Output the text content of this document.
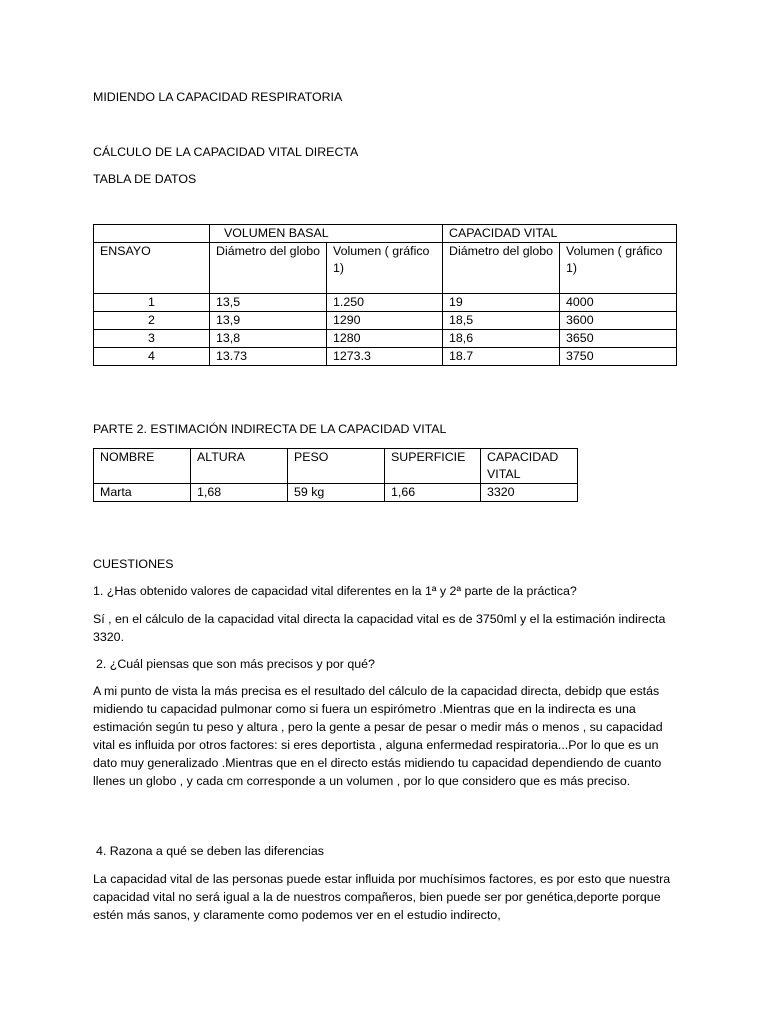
MIDIENDO LA CAPACIDAD RESPIRATORIA

CÁLCULO DE LA CAPACIDAD VITAL DIRECTA

TABLA DE DATOS

	VOLUMEN BASAL		CAPACIDAD VITAL	
ENSAYO	Diámetro del globo	Volumen ( gráfico 1)	Diámetro del globo	Volumen ( gráfico 1)
1	13,5	1.250	19	4000
2	13,9	1290	18,5	3600
3	13,8	1280	18,6	3650
4	13.73	1273.3	18.7	3750

PARTE 2. ESTIMACIÓN INDIRECTA DE LA CAPACIDAD VITAL

NOMBRE	ALTURA	PESO	SUPERFICIE	CAPACIDAD VITAL
Marta	1,68	59 kg	1,66	3320

CUESTIONES

1. ¿Has obtenido valores de capacidad vital diferentes en la 1ª y 2ª parte de la práctica?

Sí , en el cálculo de la capacidad vital directa la capacidad vital es de 3750ml y el la estimación indirecta 3320.

2. ¿Cuál piensas que son más precisos y por qué?

A mi punto de vista la más precisa es el resultado del cálculo de la capacidad directa, debidp que estás midiendo tu capacidad pulmonar como si fuera un espirómetro .Mientras que en la indirecta es una estimación según tu peso y altura , pero la gente a pesar de pesar o medir más o menos , su capacidad vital es influida por otros factores: si eres deportista , alguna enfermedad respiratoria...Por lo que es un dato muy generalizado .Mientras que en el directo estás midiendo tu capacidad dependiendo de cuanto llenes un globo , y cada cm corresponde a un volumen , por lo que considero que es más preciso.

4. Razona a qué se deben las diferencias

La capacidad vital de las personas puede estar influida por muchísimos factores, es por esto que nuestra capacidad vital no será igual a la de nuestros compañeros, bien puede ser por genética,deporte porque estén más sanos, y claramente como podemos ver en el estudio indirecto,
